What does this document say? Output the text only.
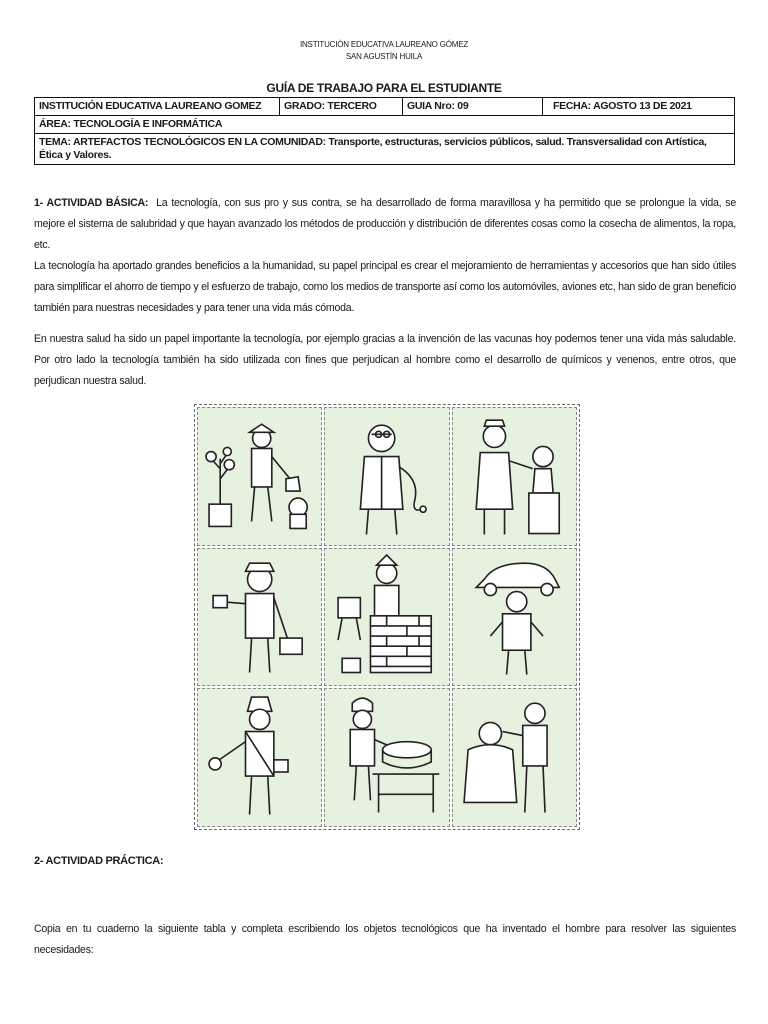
INSTITUCIÓN EDUCATIVA LAUREANO GÓMEZ
SAN AGUSTÍN HUILA
GUÍA DE TRABAJO PARA EL ESTUDIANTE
INSTITUCIÓN EDUCATIVA LAUREANO GOMEZ	GRADO: TERCERO	GUIA Nro: 09	FECHA: AGOSTO 13 DE 2021
ÁREA: TECNOLOGÍA E INFORMÁTICA
TEMA: ARTEFACTOS TECNOLÓGICOS EN LA COMUNIDAD: Transporte, estructuras, servicios públicos, salud. Transversalidad con Artística, Ética y Valores.
1- ACTIVIDAD BÁSICA: La tecnología, con sus pro y sus contra, se ha desarrollado de forma maravillosa y ha permitido que se prolongue la vida, se mejore el sistema de salubridad y que hayan avanzado los métodos de producción y distribución de diferentes cosas como la cosecha de alimentos, la ropa, etc.
La tecnología ha aportado grandes beneficios a la humanidad, su papel principal es crear el mejoramiento de herramientas y accesorios que han sido útiles para simplificar el ahorro de tiempo y el esfuerzo de trabajo, como los medios de transporte así como los automóviles, aviones etc, han sido de gran beneficio también para nuestras necesidades y para tener una vida más cómoda.
En nuestra salud ha sido un papel importante la tecnología, por ejemplo gracias a la invención de las vacunas hoy podemos tener una vida más saludable. Por otro lado la tecnología también ha sido utilizada con fines que perjudican al hombre como el desarrollo de químicos y venenos, entre otros, que perjudican nuestra salud.
2- ACTIVIDAD PRÁCTICA:
Copia en tu cuaderno la siguiente tabla y completa escribiendo los objetos tecnológicos que ha inventado el hombre para resolver las siguientes necesidades:
